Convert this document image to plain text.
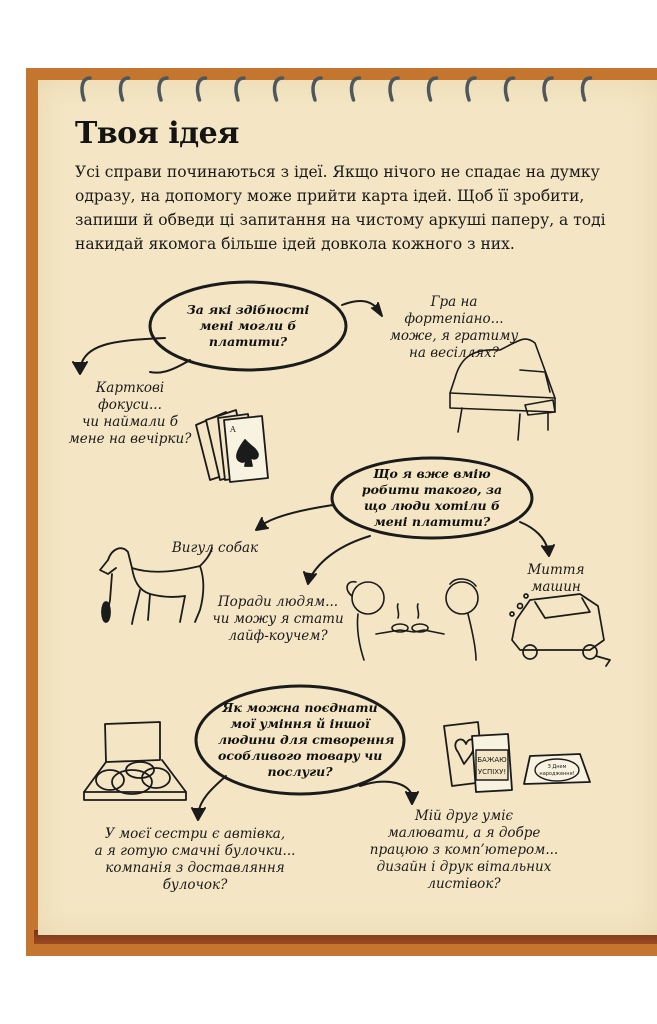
Твоя ідея
Усі справи починаються з ідеї. Якщо нічого не спадає на думку
одразу, на допомогу може прийти карта ідей. Щоб її зробити,
запиши й обведи ці запитання на чистому аркуші паперу, а тоді
накидай якомога більше ідей довкола кожного з них.
A
БАЖАЮ
УСПІХУ!
З Днем
народження!
За які здібності
мені могли б
платити?
Що я вже вмію
робити такого, за
що люди хотіли б
мені платити?
Як можна поєднати
мої уміння й іншої
людини для створення
особливого товару чи
послуги?
Гра на
фортепіано...
може, я гратиму
на весіллях?
Карткові
фокуси...
чи наймали б
мене на вечірки?
Вигул собак
Поради людям...
чи можу я стати
лайф-коучем?
Миття
машин
У моєї сестри є автівка,
а я готую смачні булочки...
компанія з доставляння
булочок?
Мій друг уміє
малювати, а я добре
працюю з комп’ютером...
дизайн і друк вітальних
листівок?
